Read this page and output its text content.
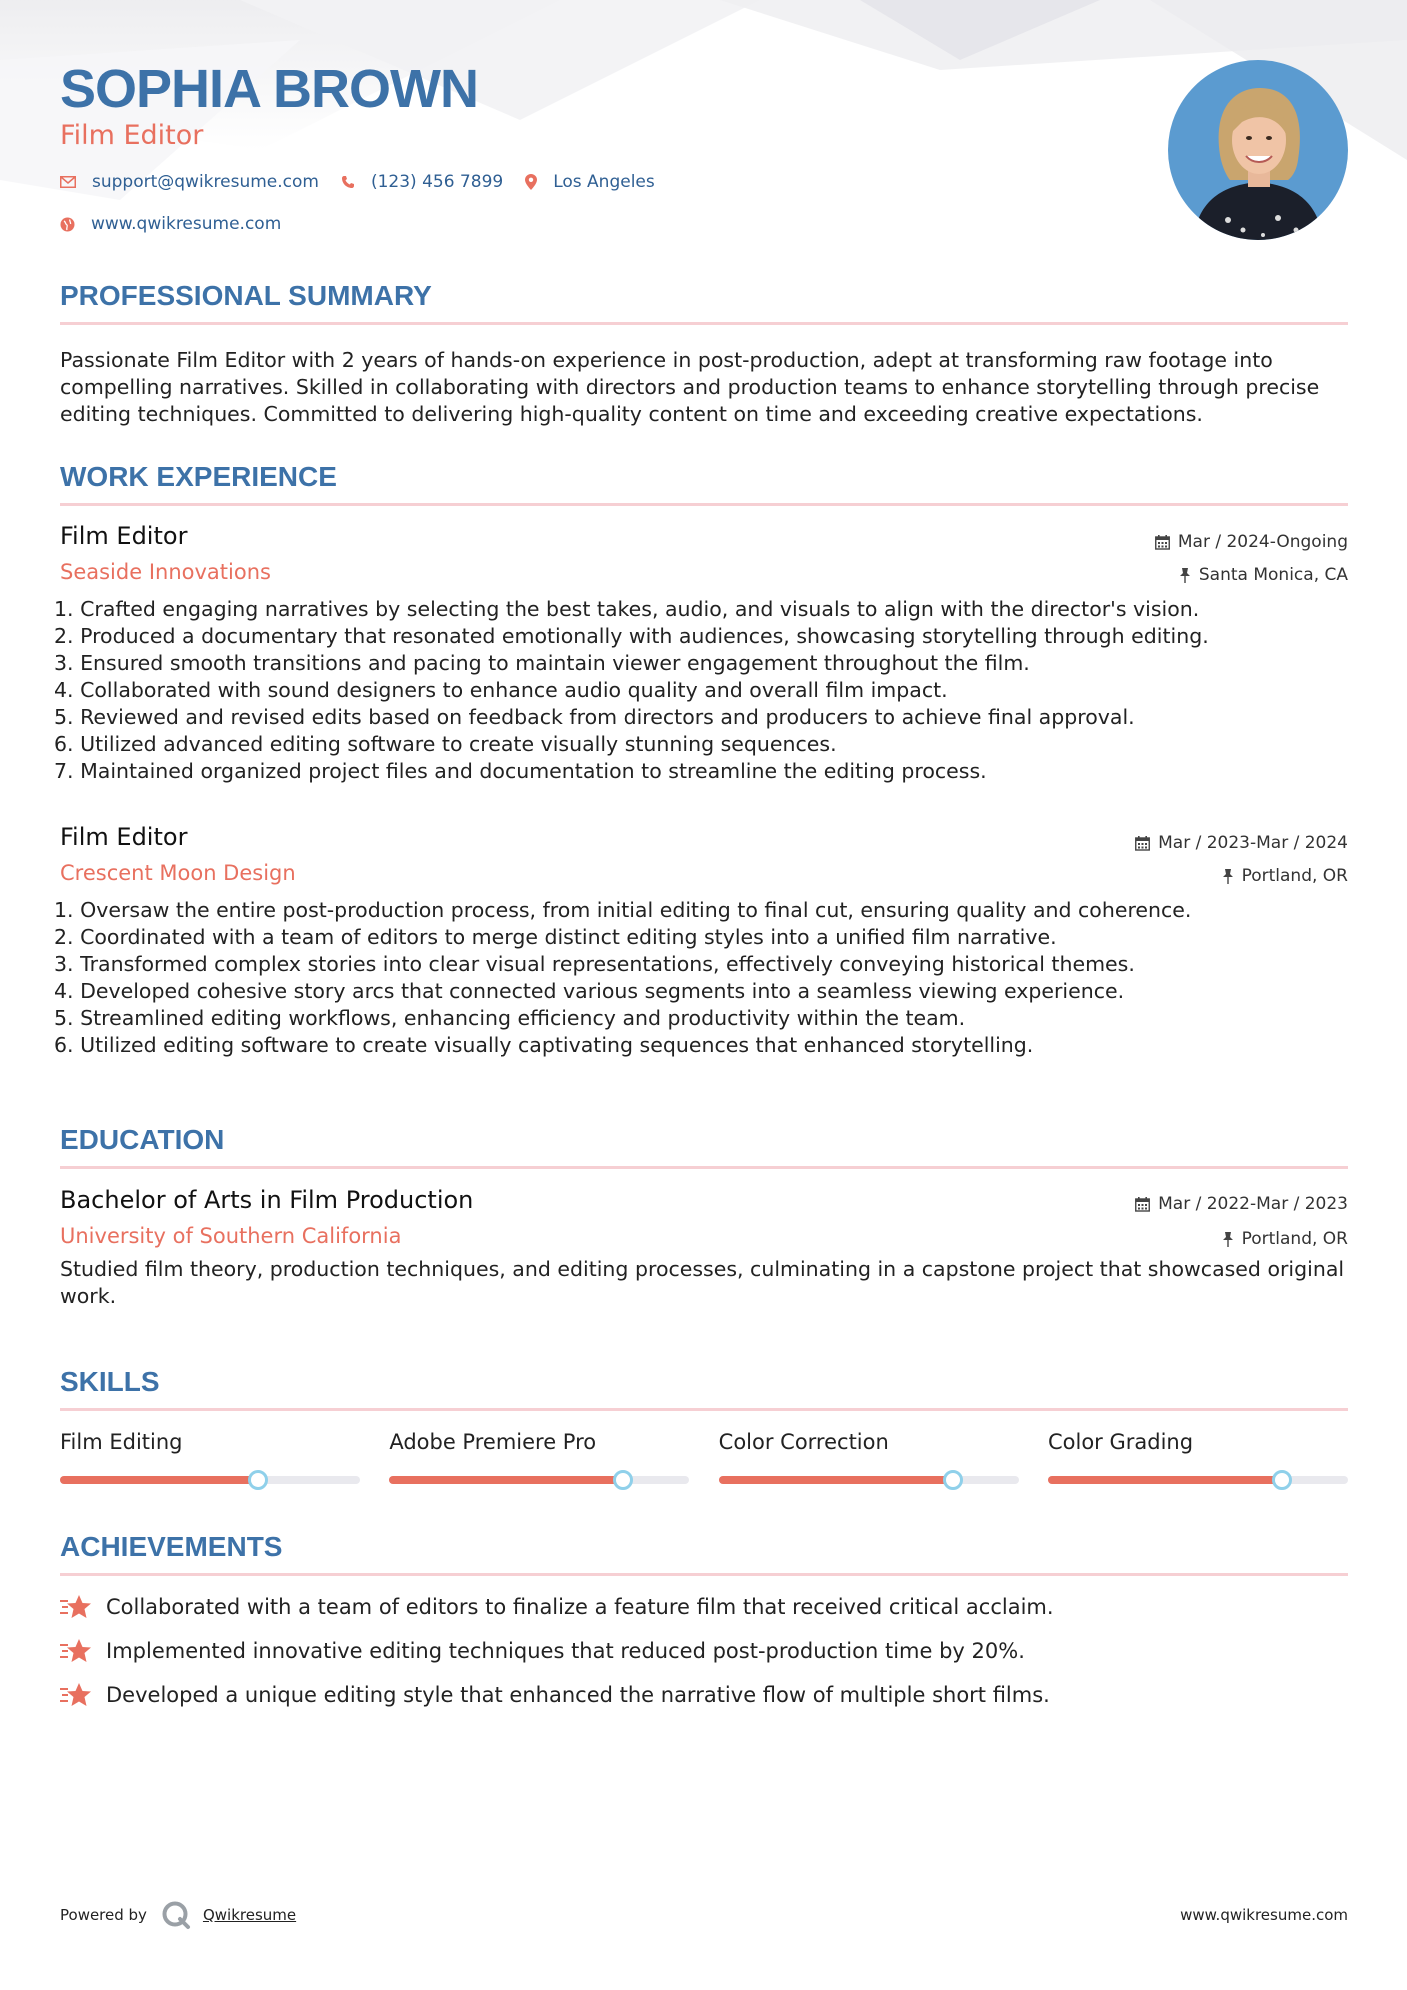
SOPHIA BROWN
Film Editor
support@qwikresume.com	(123) 456 7899	Los Angeles
www.qwikresume.com
PROFESSIONAL SUMMARY
Passionate Film Editor with 2 years of hands-on experience in post-production, adept at transforming raw footage into compelling narratives. Skilled in collaborating with directors and production teams to enhance storytelling through precise editing techniques. Committed to delivering high-quality content on time and exceeding creative expectations.
WORK EXPERIENCE
Film Editor
Seaside Innovations
Mar / 2024-Ongoing
Santa Monica, CA
1. Crafted engaging narratives by selecting the best takes, audio, and visuals to align with the director's vision.
2. Produced a documentary that resonated emotionally with audiences, showcasing storytelling through editing.
3. Ensured smooth transitions and pacing to maintain viewer engagement throughout the film.
4. Collaborated with sound designers to enhance audio quality and overall film impact.
5. Reviewed and revised edits based on feedback from directors and producers to achieve final approval.
6. Utilized advanced editing software to create visually stunning sequences.
7. Maintained organized project files and documentation to streamline the editing process.
Film Editor
Crescent Moon Design
Mar / 2023-Mar / 2024
Portland, OR
1. Oversaw the entire post-production process, from initial editing to final cut, ensuring quality and coherence.
2. Coordinated with a team of editors to merge distinct editing styles into a unified film narrative.
3. Transformed complex stories into clear visual representations, effectively conveying historical themes.
4. Developed cohesive story arcs that connected various segments into a seamless viewing experience.
5. Streamlined editing workflows, enhancing efficiency and productivity within the team.
6. Utilized editing software to create visually captivating sequences that enhanced storytelling.
EDUCATION
Bachelor of Arts in Film Production
University of Southern California
Mar / 2022-Mar / 2023
Portland, OR
Studied film theory, production techniques, and editing processes, culminating in a capstone project that showcased original work.
SKILLS
Film Editing	Adobe Premiere Pro	Color Correction	Color Grading
ACHIEVEMENTS
Collaborated with a team of editors to finalize a feature film that received critical acclaim.
Implemented innovative editing techniques that reduced post-production time by 20%.
Developed a unique editing style that enhanced the narrative flow of multiple short films.
Powered by	Qwikresume	www.qwikresume.com
